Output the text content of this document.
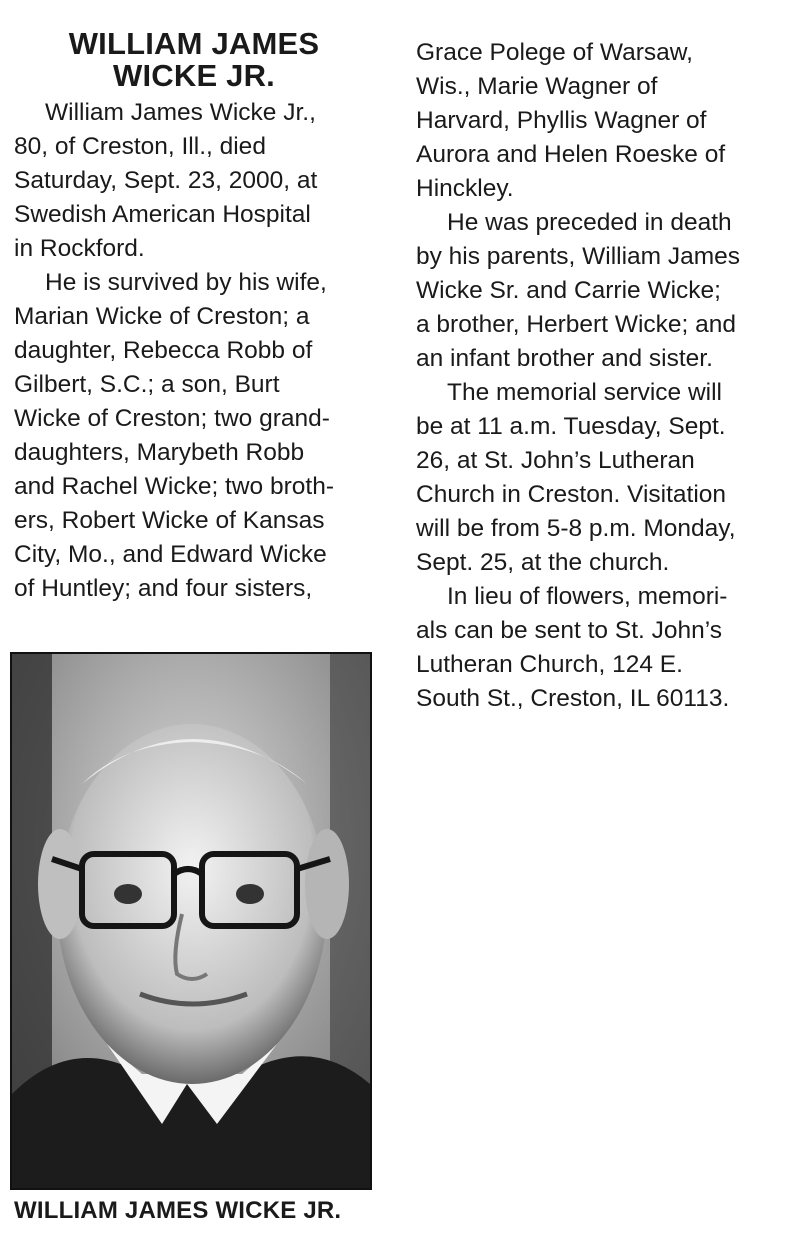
WILLIAM JAMES
WICKE JR.
William James Wicke Jr.,
80, of Creston, Ill., died
Saturday, Sept. 23, 2000, at
Swedish American Hospital
in Rockford.
He is survived by his wife,
Marian Wicke of Creston; a
daughter, Rebecca Robb of
Gilbert, S.C.; a son, Burt
Wicke of Creston; two grand-
daughters, Marybeth Robb
and Rachel Wicke; two broth-
ers, Robert Wicke of Kansas
City, Mo., and Edward Wicke
of Huntley; and four sisters,
Grace Polege of Warsaw,
Wis., Marie Wagner of
Harvard, Phyllis Wagner of
Aurora and Helen Roeske of
Hinckley.
He was preceded in death
by his parents, William James
Wicke Sr. and Carrie Wicke;
a brother, Herbert Wicke; and
an infant brother and sister.
The memorial service will
be at 11 a.m. Tuesday, Sept.
26, at St. John’s Lutheran
Church in Creston. Visitation
will be from 5-8 p.m. Monday,
Sept. 25, at the church.
In lieu of flowers, memori-
als can be sent to St. John’s
Lutheran Church, 124 E.
South St., Creston, IL 60113.
WILLIAM JAMES WICKE JR.
